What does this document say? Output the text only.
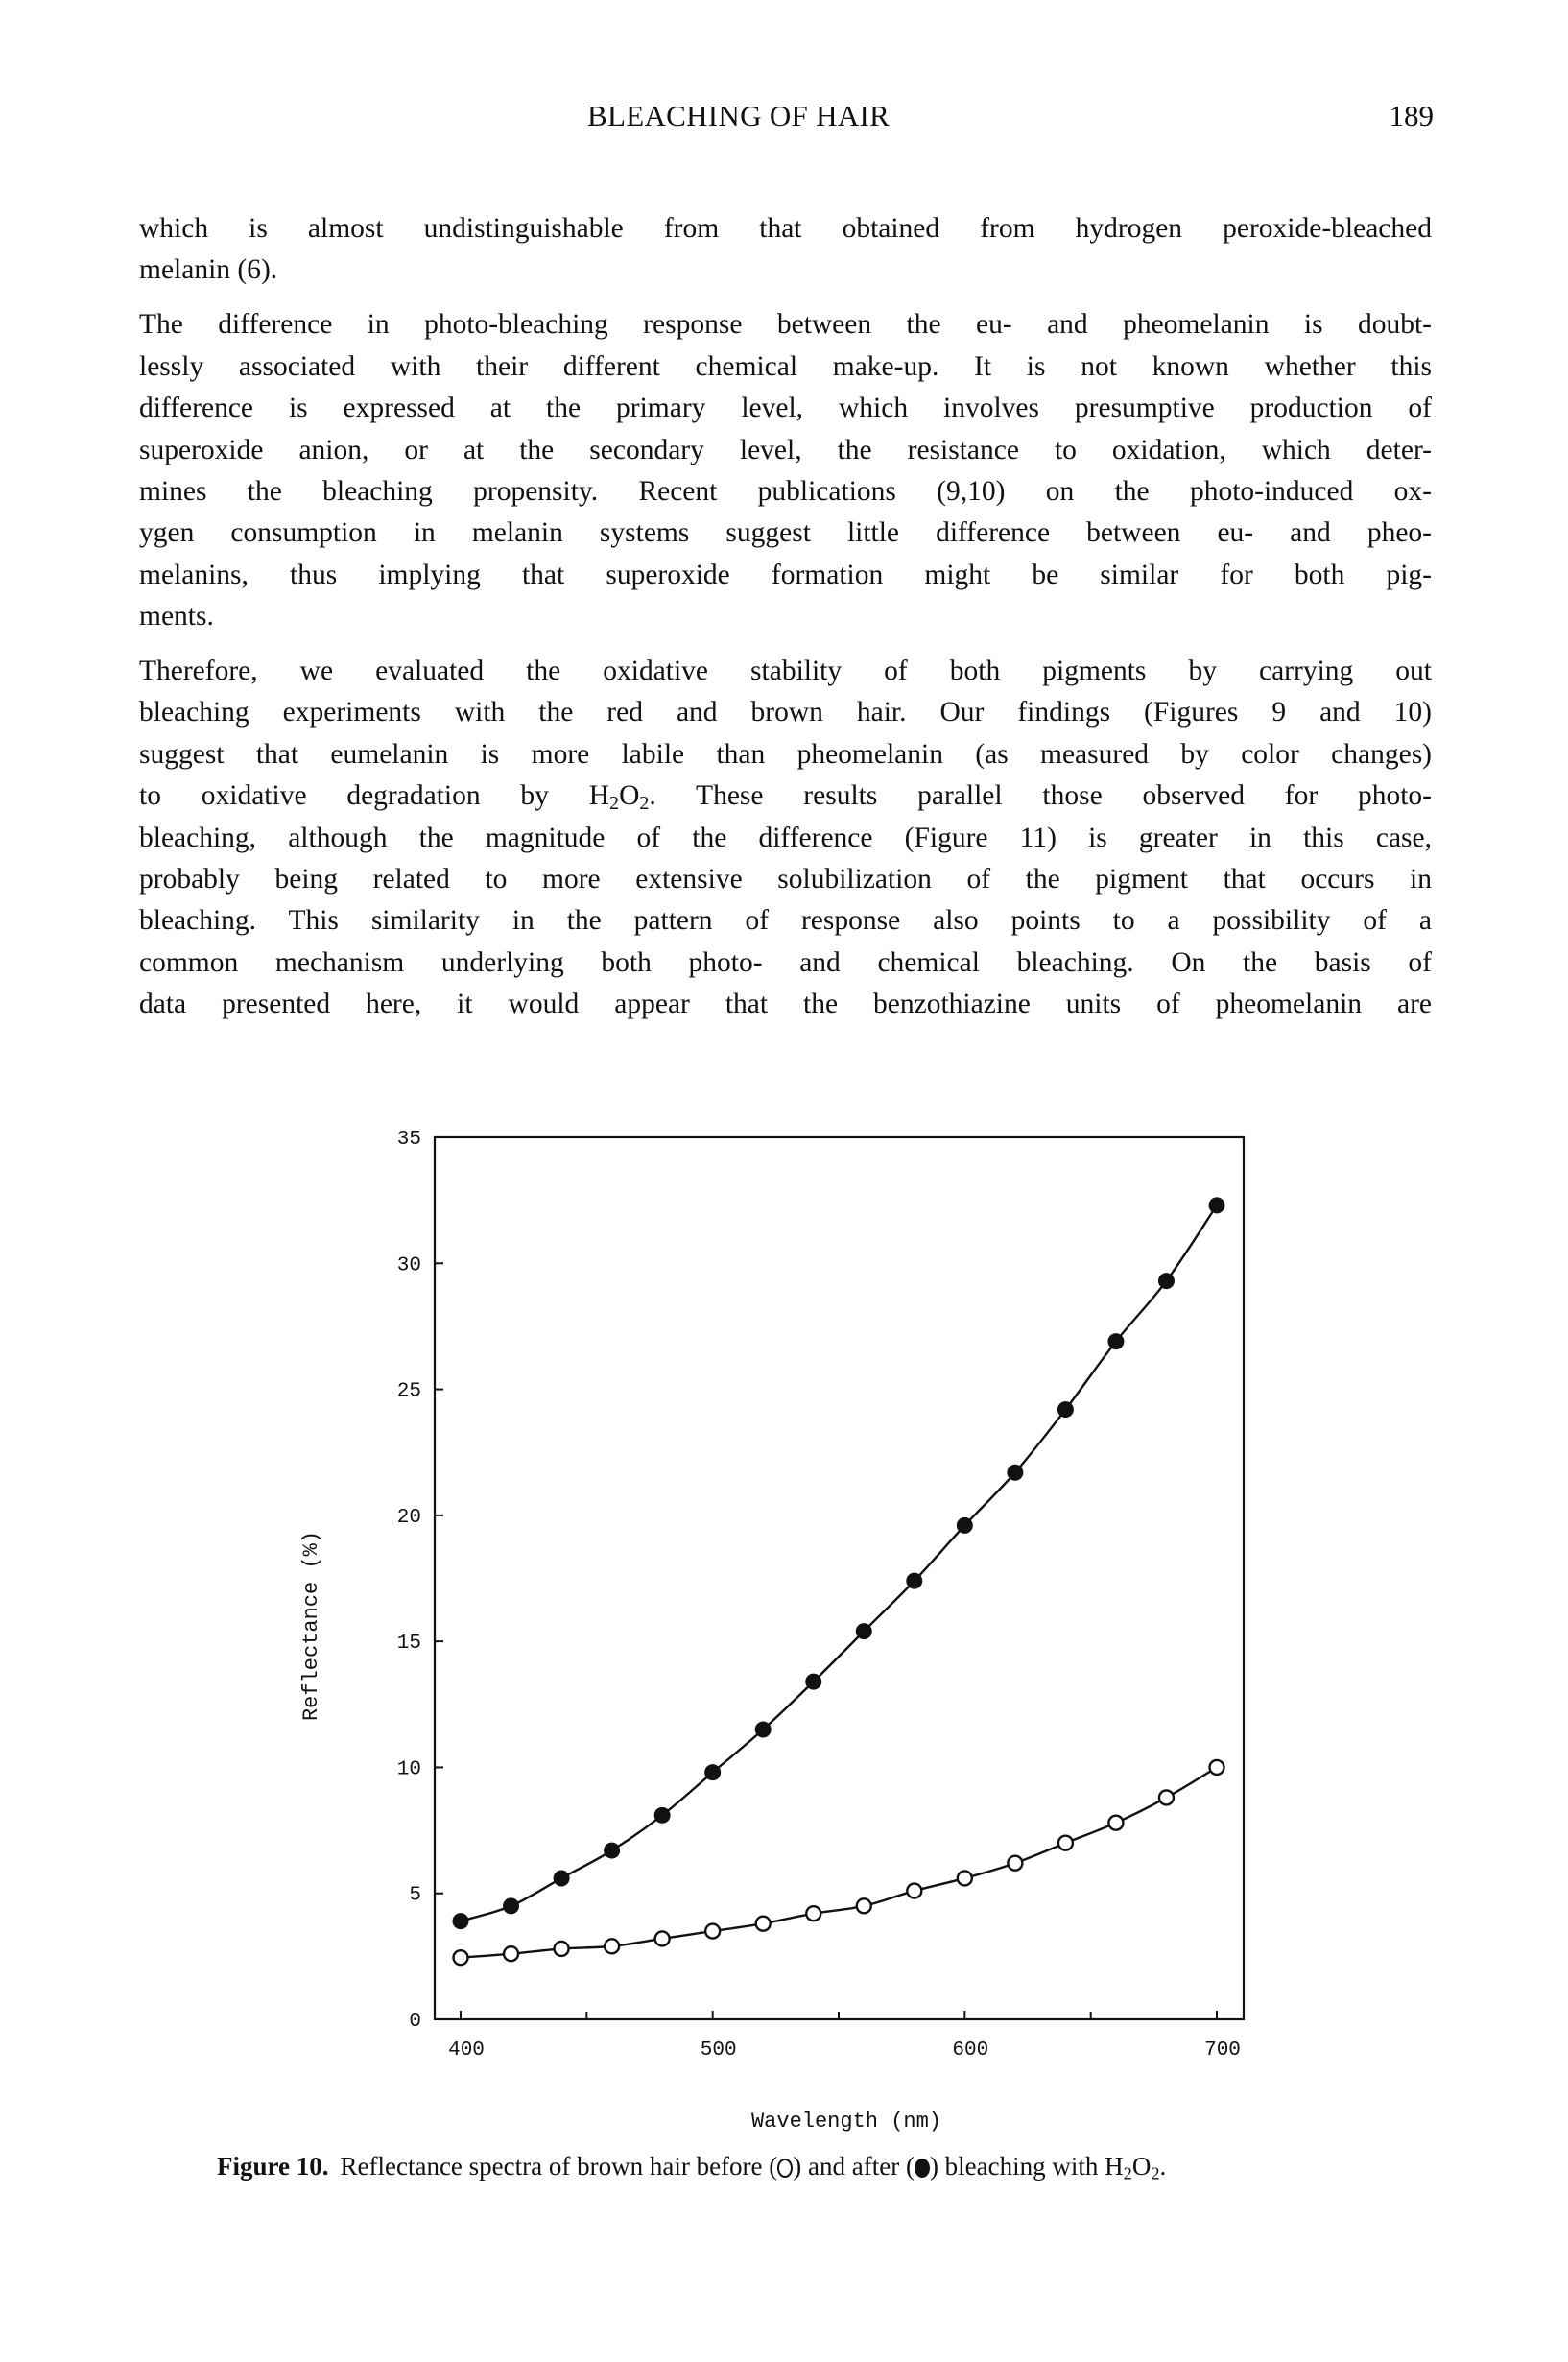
BLEACHING OF HAIR	189
which is almost undistinguishable from that obtained from hydrogen peroxide-bleached
melanin (6).
The difference in photo-bleaching response between the eu- and pheomelanin is doubt-
lessly associated with their different chemical make-up. It is not known whether this
difference is expressed at the primary level, which involves presumptive production of
superoxide anion, or at the secondary level, the resistance to oxidation, which deter-
mines the bleaching propensity. Recent publications (9,10) on the photo-induced ox-
ygen consumption in melanin systems suggest little difference between eu- and pheo-
melanins, thus implying that superoxide formation might be similar for both pig-
ments.
Therefore, we evaluated the oxidative stability of both pigments by carrying out
bleaching experiments with the red and brown hair. Our findings (Figures 9 and 10)
suggest that eumelanin is more labile than pheomelanin (as measured by color changes)
to oxidative degradation by $H_2O_2$. These results parallel those observed for photo-
bleaching, although the magnitude of the difference (Figure 11) is greater in this case,
probably being related to more extensive solubilization of the pigment that occurs in
bleaching. This similarity in the pattern of response also points to a possibility of a
common mechanism underlying both photo- and chemical bleaching. On the basis of
data presented here, it would appear that the benzothiazine units of pheomelanin are
0
5
10
15
20
25
30
35
400	500	600	700
Wavelength (nm)
Reflectance (%)
Figure 10. Reflectance spectra of brown hair before ( ) and after ( ) bleaching with $H_2O_2$.
